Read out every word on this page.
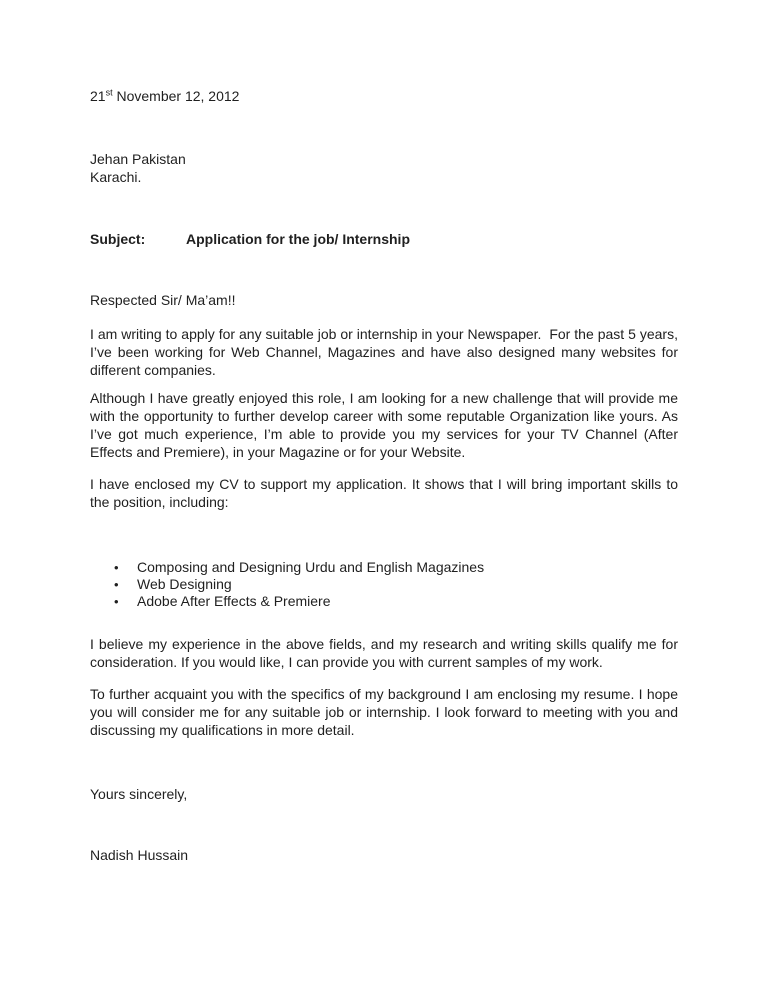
21st November 12, 2012

Jehan Pakistan
Karachi.
Subject:	Application for the job/ Internship
Respected Sir/ Ma’am!!

I am writing to apply for any suitable job or internship in your Newspaper.  For the past 5 years, I’ve been working for Web Channel, Magazines and have also designed many websites for different companies.

Although I have greatly enjoyed this role, I am looking for a new challenge that will provide me with the opportunity to further develop career with some reputable Organization like yours. As I’ve got much experience, I’m able to provide you my services for your TV Channel (After Effects and Premiere), in your Magazine or for your Website.

I have enclosed my CV to support my application. It shows that I will bring important skills to the position, including:

• Composing and Designing Urdu and English Magazines
• Web Designing
• Adobe After Effects & Premiere

I believe my experience in the above fields, and my research and writing skills qualify me for consideration. If you would like, I can provide you with current samples of my work.

To further acquaint you with the specifics of my background I am enclosing my resume. I hope you will consider me for any suitable job or internship. I look forward to meeting with you and discussing my qualifications in more detail.

Yours sincerely,
Nadish Hussain
